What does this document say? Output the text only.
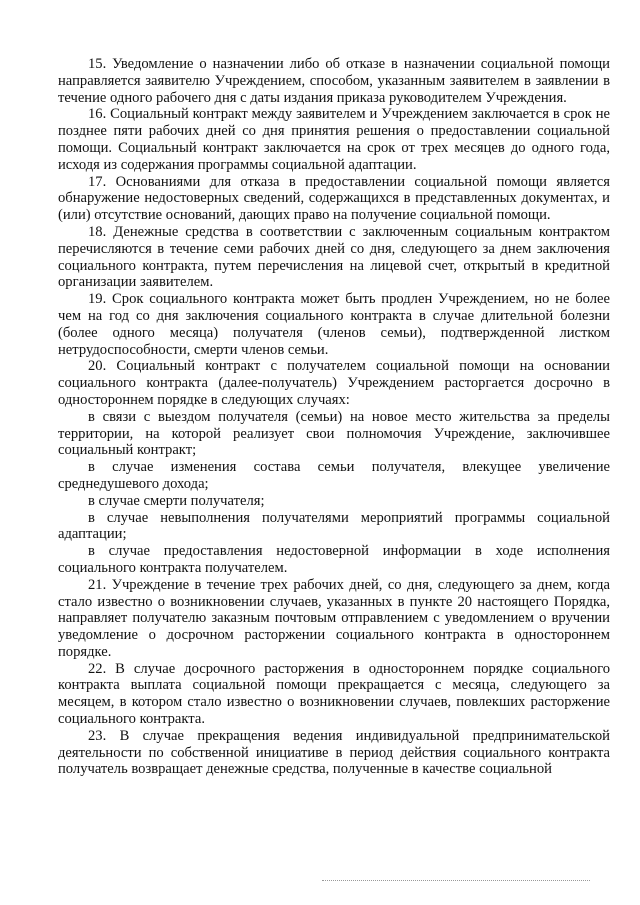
15. Уведомление о назначении либо об отказе в назначении социальной помощи направляется заявителю Учреждением, способом, указанным заявителем в заявлении в течение одного рабочего дня с даты издания приказа руководителем Учреждения.

16. Социальный контракт между заявителем и Учреждением заключается в срок не позднее пяти рабочих дней со дня принятия решения о предоставлении социальной помощи. Социальный контракт заключается на срок от трех месяцев до одного года, исходя из содержания программы социальной адаптации.

17. Основаниями для отказа в предоставлении социальной помощи является обнаружение недостоверных сведений, содержащихся в представленных документах, и (или) отсутствие оснований, дающих право на получение социальной помощи.

18. Денежные средства в соответствии с заключенным социальным контрактом перечисляются в течение семи рабочих дней со дня, следующего за днем заключения социального контракта, путем перечисления на лицевой счет, открытый в кредитной организации заявителем.

19. Срок социального контракта может быть продлен Учреждением, но не более чем на год со дня заключения социального контракта в случае длительной болезни (более одного месяца) получателя (членов семьи), подтвержденной листком нетрудоспособности, смерти членов семьи.

20. Социальный контракт с получателем социальной помощи на основании социального контракта (далее-получатель) Учреждением расторгается досрочно в одностороннем порядке в следующих случаях:

в связи с выездом получателя (семьи) на новое место жительства за пределы территории, на которой реализует свои полномочия Учреждение, заключившее социальный контракт;

в случае изменения состава семьи получателя, влекущее увеличение среднедушевого дохода;

в случае смерти получателя;

в случае невыполнения получателями мероприятий программы социальной адаптации;

в случае предоставления недостоверной информации в ходе исполнения социального контракта получателем.

21. Учреждение в течение трех рабочих дней, со дня, следующего за днем, когда стало известно о возникновении случаев, указанных в пункте 20 настоящего Порядка, направляет получателю заказным почтовым отправлением с уведомлением о вручении уведомление о досрочном расторжении социального контракта в одностороннем порядке.

22. В случае досрочного расторжения в одностороннем порядке социального контракта выплата социальной помощи прекращается с месяца, следующего за месяцем, в котором стало известно о возникновении случаев, повлекших расторжение социального контракта.

23. В случае прекращения ведения индивидуальной предпринимательской деятельности по собственной инициативе в период действия социального контракта получатель возвращает денежные средства, полученные в качестве социальной
